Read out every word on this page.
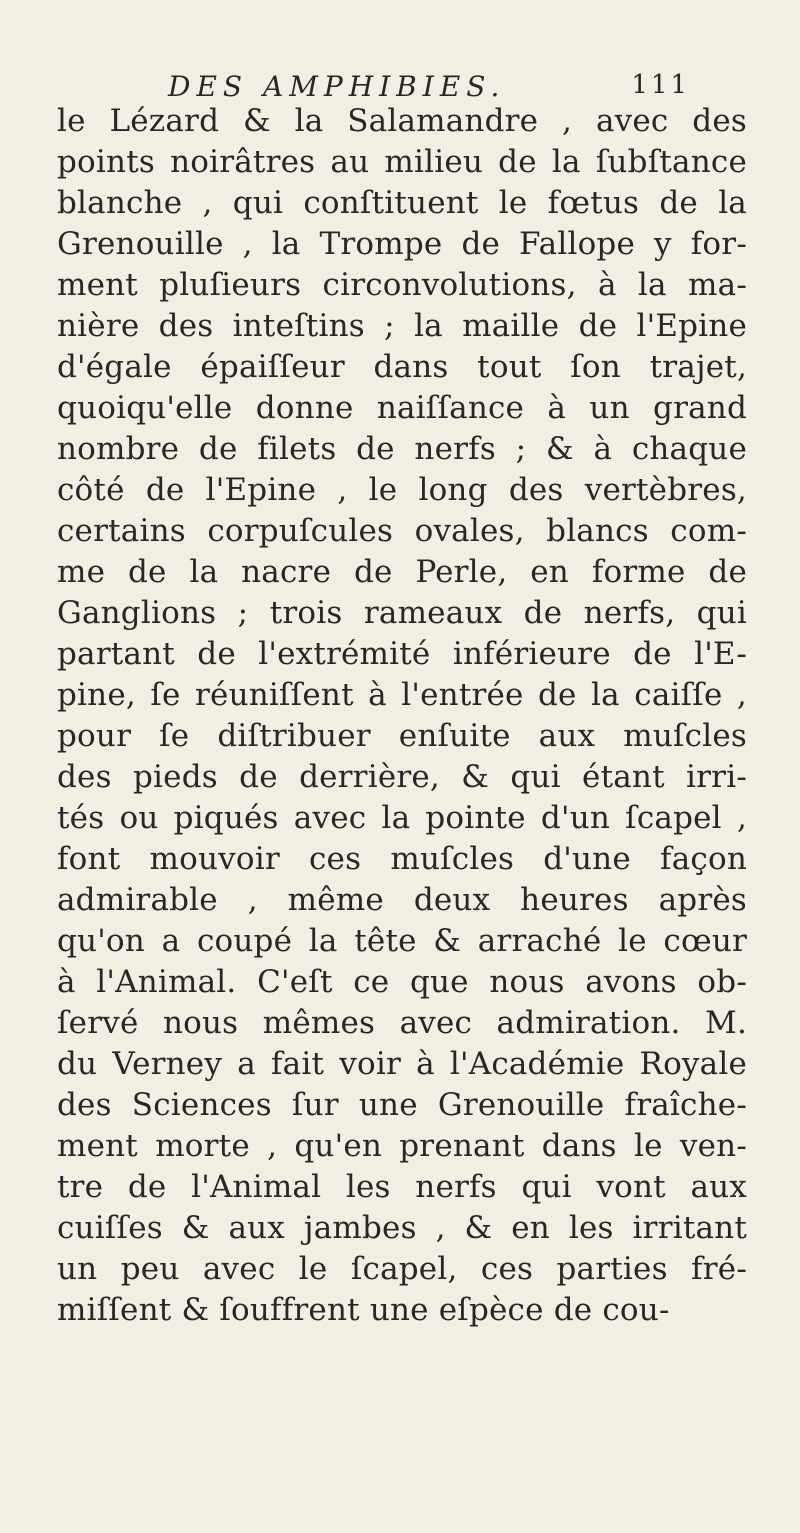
DES AMPHIBIES.	111
le Lézard & la Salamandre , avec des
points noirâtres au milieu de la ſubſtance
blanche , qui conſtituent le fœtus de la
Grenouille , la Trompe de Fallope y for-
ment pluſieurs circonvolutions, à la ma-
nière des inteſtins ; la maille de l'Epine
d'égale épaiſſeur dans tout ſon trajet,
quoiqu'elle donne naiſſance à un grand
nombre de filets de nerfs ; & à chaque
côté de l'Epine , le long des vertèbres,
certains corpuſcules ovales, blancs com-
me de la nacre de Perle, en forme de
Ganglions ; trois rameaux de nerfs, qui
partant de l'extrémité inférieure de l'E-
pine, ſe réuniſſent à l'entrée de la caiſſe ,
pour ſe diſtribuer enſuite aux muſcles
des pieds de derrière, & qui étant irri-
tés ou piqués avec la pointe d'un ſcapel ,
font mouvoir ces muſcles d'une façon
admirable , même deux heures après
qu'on a coupé la tête & arraché le cœur
à l'Animal. C'eſt ce que nous avons ob-
ſervé nous mêmes avec admiration. M.
du Verney a fait voir à l'Académie Royale
des Sciences ſur une Grenouille fraîche-
ment morte , qu'en prenant dans le ven-
tre de l'Animal les nerfs qui vont aux
cuiſſes & aux jambes , & en les irritant
un peu avec le ſcapel, ces parties fré-
miſſent & ſouffrent une eſpèce de cou-
